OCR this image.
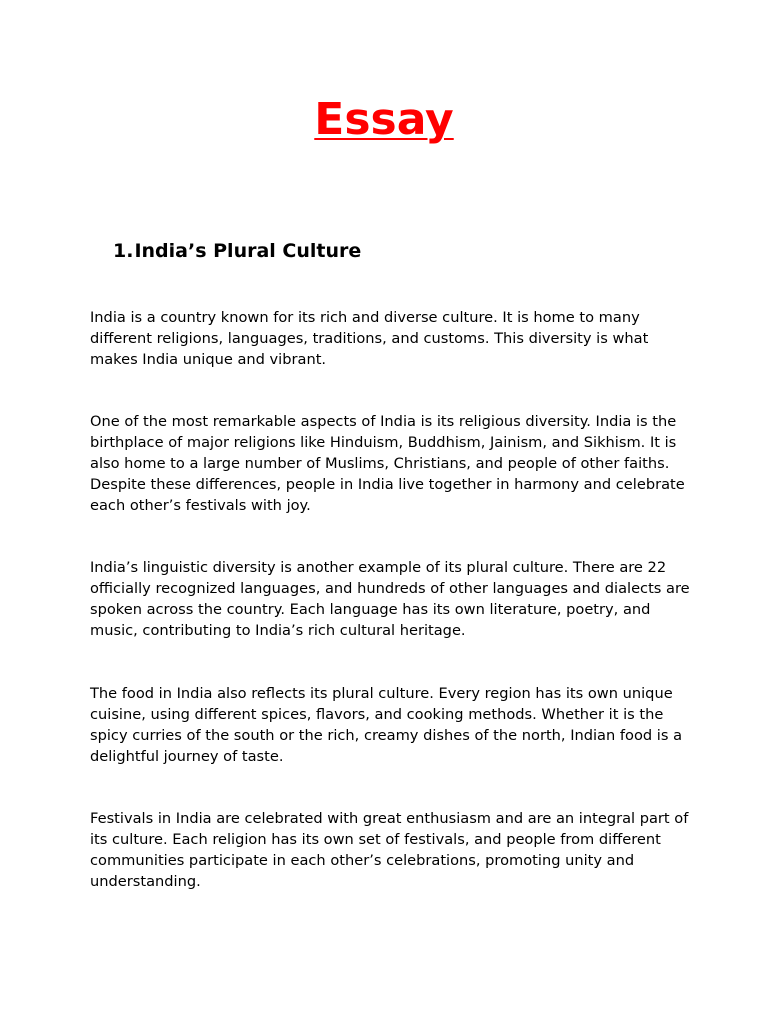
Essay
1.India’s Plural Culture

India is a country known for its rich and diverse culture. It is home to many different religions, languages, traditions, and customs. This diversity is what makes India unique and vibrant.

One of the most remarkable aspects of India is its religious diversity. India is the birthplace of major religions like Hinduism, Buddhism, Jainism, and Sikhism. It is also home to a large number of Muslims, Christians, and people of other faiths. Despite these differences, people in India live together in harmony and celebrate each other’s festivals with joy.

India’s linguistic diversity is another example of its plural culture. There are 22 officially recognized languages, and hundreds of other languages and dialects are spoken across the country. Each language has its own literature, poetry, and music, contributing to India’s rich cultural heritage.

The food in India also reflects its plural culture. Every region has its own unique cuisine, using different spices, flavors, and cooking methods. Whether it is the spicy curries of the south or the rich, creamy dishes of the north, Indian food is a delightful journey of taste.

Festivals in India are celebrated with great enthusiasm and are an integral part of its culture. Each religion has its own set of festivals, and people from different communities participate in each other’s celebrations, promoting unity and understanding.
